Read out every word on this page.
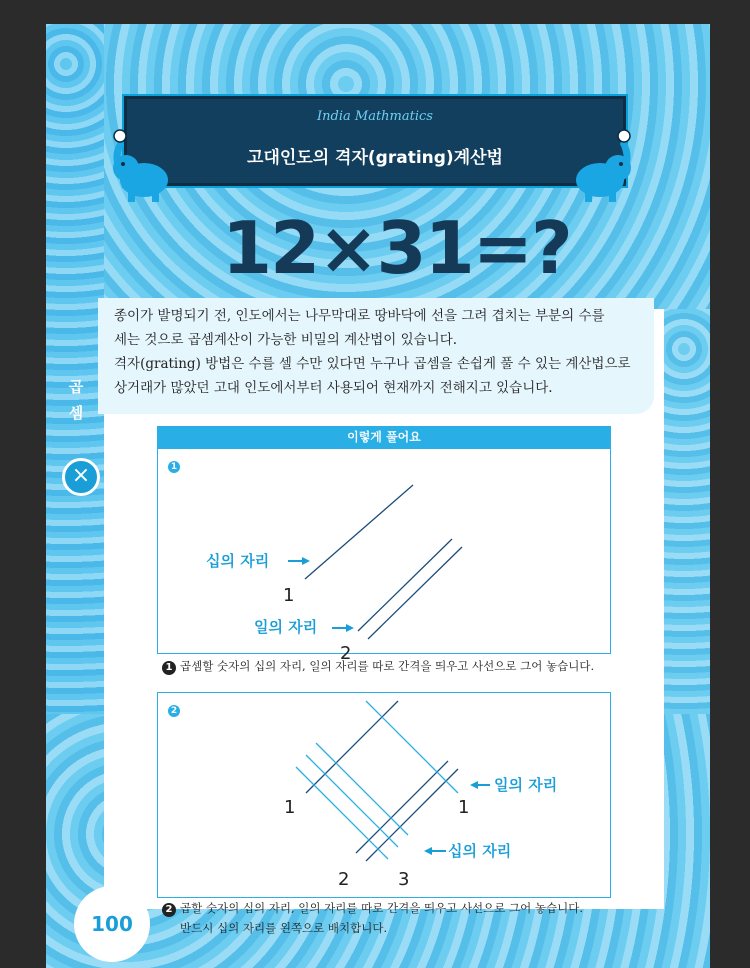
India Mathmatics
고대인도의 격자(grating)계산법
12×31=?

종이가 발명되기 전, 인도에서는 나무막대로 땅바닥에 선을 그려 겹치는 부분의 수를

세는 것으로 곱셈계산이 가능한 비밀의 계산법이 있습니다.

격자(grating) 방법은 수를 셀 수만 있다면 누구나 곱셈을 손쉽게 풀 수 있는 계산법으로

상거래가 많았던 고대 인도에서부터 사용되어 현재까지 전해지고 있습니다.

곱
셈
×
이렇게 풀어요
1
십의 자리
1
일의 자리
2
1 곱셈할 숫자의 십의 자리, 일의 자리를 따로 간격을 띄우고 사선으로 그어 놓습니다.
2
1	1
2	3
일의 자리
십의 자리
2 곱할 숫자의 십의 자리, 일의 자리를 따로 간격을 띄우고 사선으로 그어 놓습니다.
반드시 십의 자리를 왼쪽으로 배치합니다.
100
